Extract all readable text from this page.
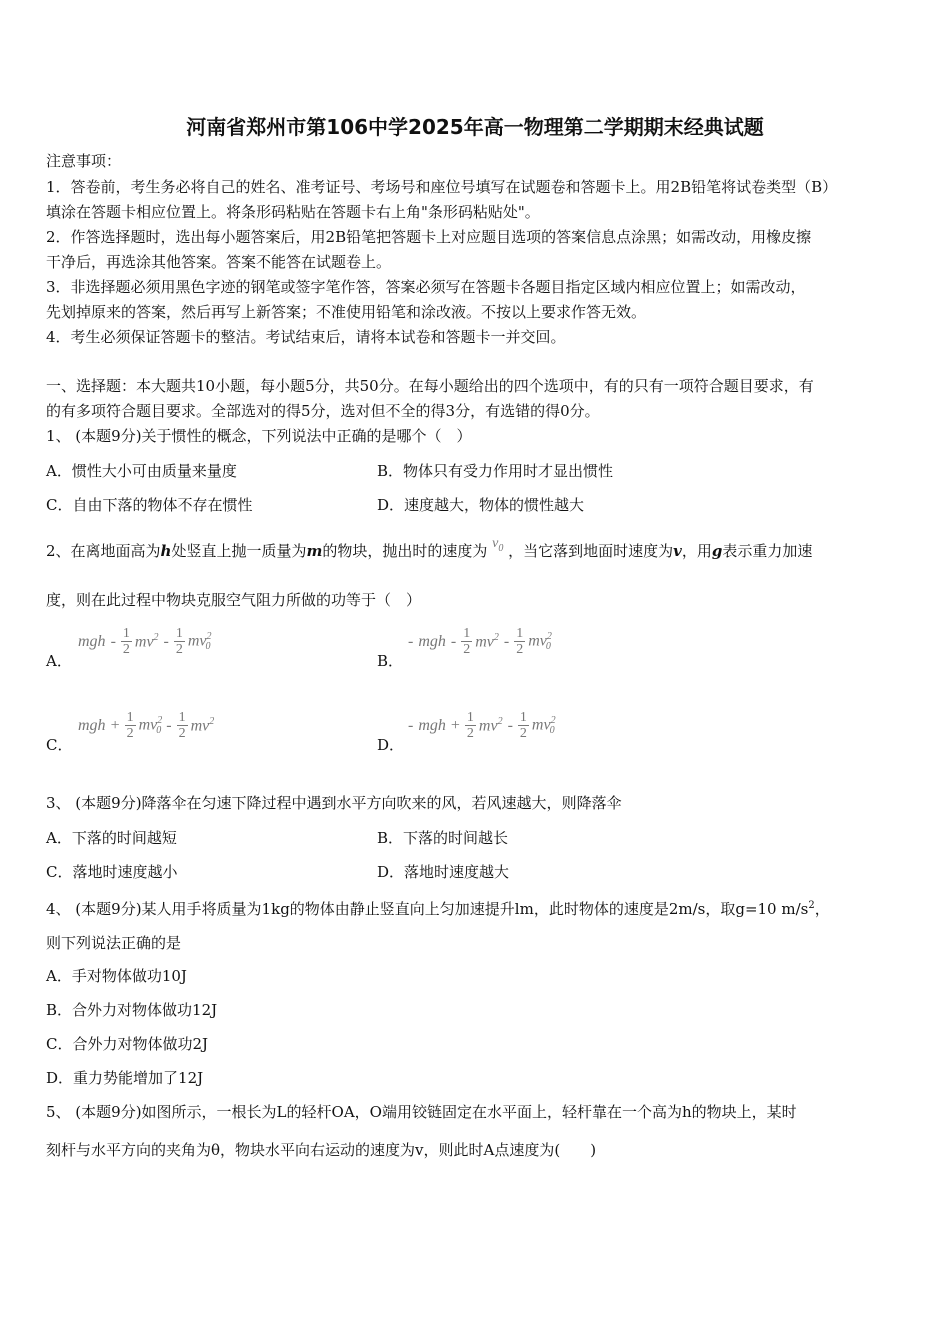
河南省郑州市第106中学2025年高一物理第二学期期末经典试题
注意事项：
1．答卷前，考生务必将自己的姓名、准考证号、考场号和座位号填写在试题卷和答题卡上。用2B铅笔将试卷类型（B）
填涂在答题卡相应位置上。将条形码粘贴在答题卡右上角"条形码粘贴处"。
2．作答选择题时，选出每小题答案后，用2B铅笔把答题卡上对应题目选项的答案信息点涂黑；如需改动，用橡皮擦
干净后，再选涂其他答案。答案不能答在试题卷上。
3．非选择题必须用黑色字迹的钢笔或签字笔作答，答案必须写在答题卡各题目指定区域内相应位置上；如需改动，
先划掉原来的答案，然后再写上新答案；不准使用铅笔和涂改液。不按以上要求作答无效。
4．考生必须保证答题卡的整洁。考试结束后，请将本试卷和答题卡一并交回。
一、选择题：本大题共10小题，每小题5分，共50分。在每小题给出的四个选项中，有的只有一项符合题目要求，有
的有多项符合题目要求。全部选对的得5分，选对但不全的得3分，有选错的得0分。
1、 (本题9分)关于惯性的概念，下列说法中正确的是哪个（　）
A．惯性大小可由质量来量度	B．物体只有受力作用时才显出惯性
C．自由下落的物体不存在惯性	D．速度越大，物体的惯性越大
2、在离地面高为h处竖直上抛一质量为m的物块，抛出时的速度为 $v_0$ ，当它落到地面时速度为v，用g表示重力加速
度，则在此过程中物块克服空气阻力所做的功等于（　）
A．
mgh - $\frac{1}{2} mv^2 - \frac{1}{2} mv^2_0$
B．
- mgh - $\frac{1}{2} mv^2 - \frac{1}{2} mv^2_0$
C．
mgh + $\frac{1}{2} mv^2_0 - \frac{1}{2} mv^2$
D．
- mgh + $\frac{1}{2} mv^2 - \frac{1}{2} mv^2_0$
3、 (本题9分)降落伞在匀速下降过程中遇到水平方向吹来的风，若风速越大，则降落伞
A．下落的时间越短	B．下落的时间越长
C．落地时速度越小	D．落地时速度越大
4、 (本题9分)某人用手将质量为1kg的物体由静止竖直向上匀加速提升lm，此时物体的速度是2m/s，取g=10 $m/s^2$，
则下列说法正确的是
A．手对物体做功10J
B．合外力对物体做功12J
C．合外力对物体做功2J
D．重力势能增加了12J
5、 (本题9分)如图所示，一根长为L的轻杆OA，O端用铰链固定在水平面上，轻杆靠在一个高为h的物块上，某时
刻杆与水平方向的夹角为θ，物块水平向右运动的速度为v，则此时A点速度为(　　)
